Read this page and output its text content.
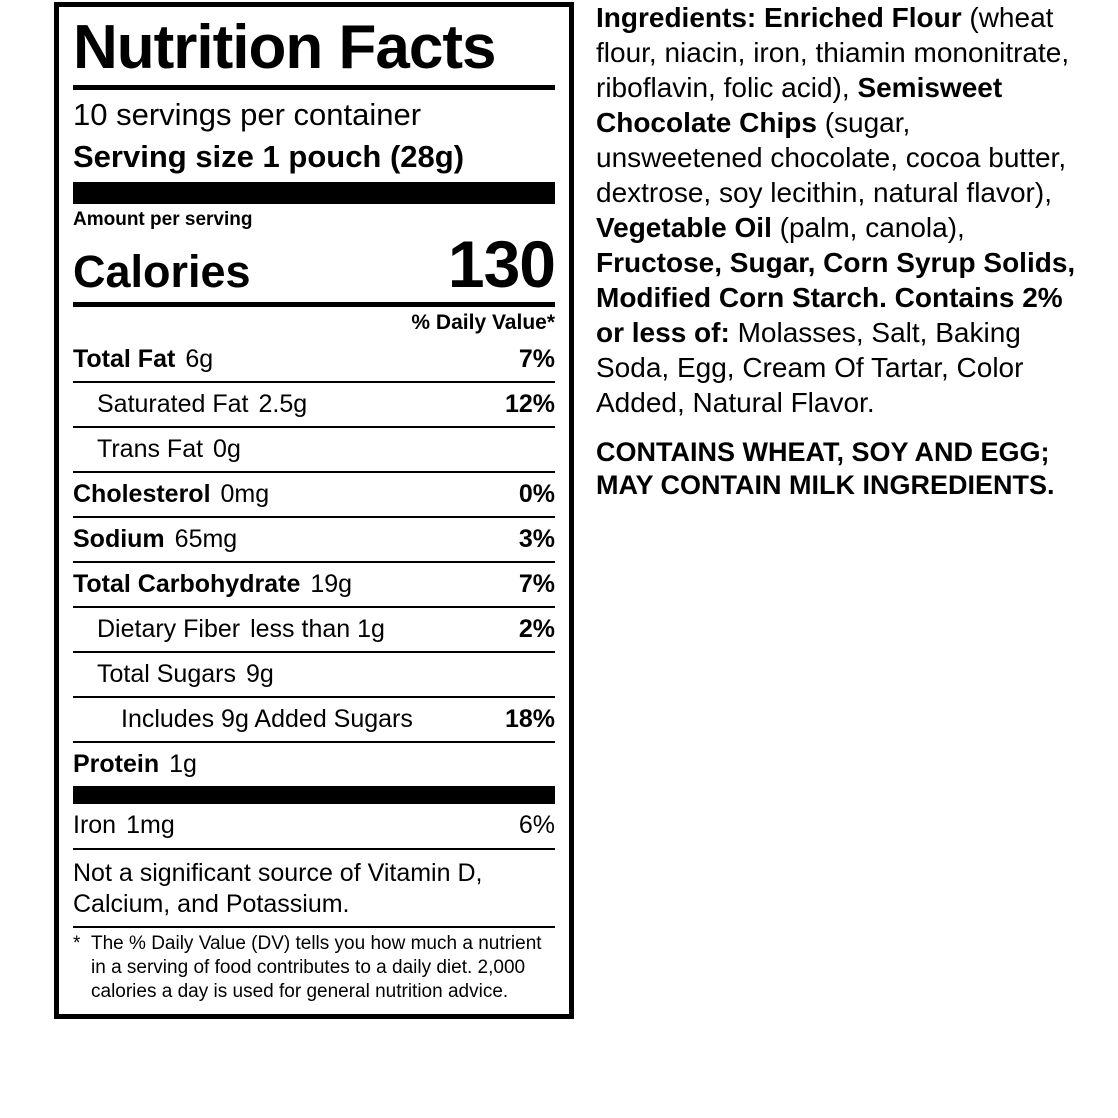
Nutrition Facts
10 servings per container
Serving size 1 pouch (28g)
Amount per serving
Calories	130
% Daily Value*
Total Fat 6g	7%
Saturated Fat 2.5g	12%
Trans Fat 0g
Cholesterol 0mg	0%
Sodium 65mg	3%
Total Carbohydrate 19g	7%
Dietary Fiber less than 1g	2%
Total Sugars 9g
Includes 9g Added Sugars	18%
Protein 1g
Iron 1mg	6%
Not a significant source of Vitamin D, Calcium, and Potassium.
* The % Daily Value (DV) tells you how much a nutrient in a serving of food contributes to a daily diet. 2,000 calories a day is used for general nutrition advice.

Ingredients: Enriched Flour (wheat flour, niacin, iron, thiamin mononitrate, riboflavin, folic acid), Semisweet Chocolate Chips (sugar, unsweetened chocolate, cocoa butter, dextrose, soy lecithin, natural flavor), Vegetable Oil (palm, canola), Fructose, Sugar, Corn Syrup Solids, Modified Corn Starch. Contains 2% or less of: Molasses, Salt, Baking Soda, Egg, Cream Of Tartar, Color Added, Natural Flavor.

CONTAINS WHEAT, SOY AND EGG; MAY CONTAIN MILK INGREDIENTS.
